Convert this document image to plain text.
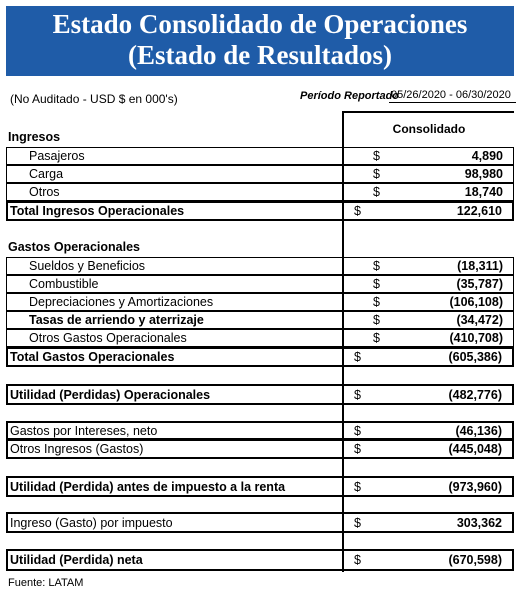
Estado Consolidado de Operaciones
(Estado de Resultados)
(No Auditado - USD $ en 000's)	Período Reportado
05/26/2020 - 06/30/2020
Consolidado
Ingresos
Pasajeros	$	4,890
Carga	$	98,980
Otros	$	18,740
Total Ingresos Operacionales	$	122,610
Gastos Operacionales
Sueldos y Beneficios	$	(18,311)
Combustible	$	(35,787)
Depreciaciones y Amortizaciones	$	(106,108)
Tasas de arriendo y aterrizaje	$	(34,472)
Otros Gastos Operacionales	$	(410,708)
Total Gastos Operacionales	$	(605,386)
Utilidad (Perdidas) Operacionales	$	(482,776)
Gastos por Intereses, neto	$	(46,136)
Otros Ingresos (Gastos)	$	(445,048)
Utilidad (Perdida) antes de impuesto a la renta	$	(973,960)
Ingreso (Gasto) por impuesto	$	303,362
Utilidad (Perdida) neta	$	(670,598)
Fuente: LATAM
